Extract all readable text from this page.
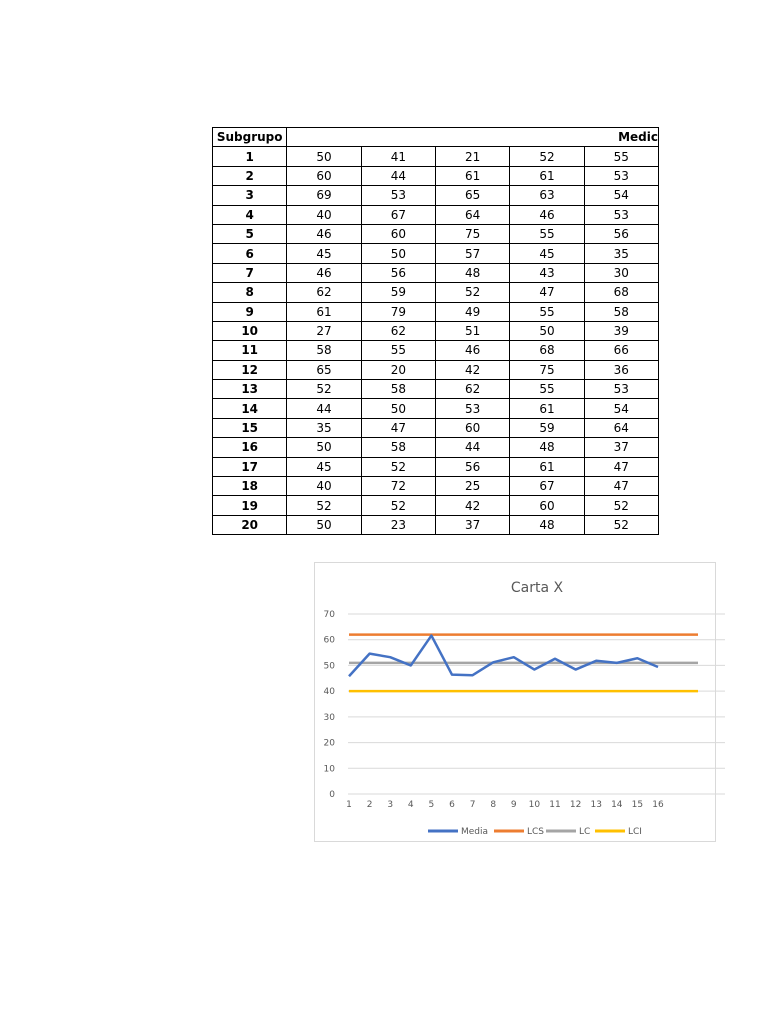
Subgrupo	Medic				
1	50	41	21	52	55
2	60	44	61	61	53
3	69	53	65	63	54
4	40	67	64	46	53
5	46	60	75	55	56
6	45	50	57	45	35
7	46	56	48	43	30
8	62	59	52	47	68
9	61	79	49	55	58
10	27	62	51	50	39
11	58	55	46	68	66
12	65	20	42	75	36
13	52	58	62	55	53
14	44	50	53	61	54
15	35	47	60	59	64
16	50	58	44	48	37
17	45	52	56	61	47
18	40	72	25	67	47
19	52	52	42	60	52
20	50	23	37	48	52
Carta X
0
10
20
30
40
50
60
70
1 2 3 4 5 6 7 8 9 10 11 12 13 14 15 16
Media	LCS	LC	LCI
